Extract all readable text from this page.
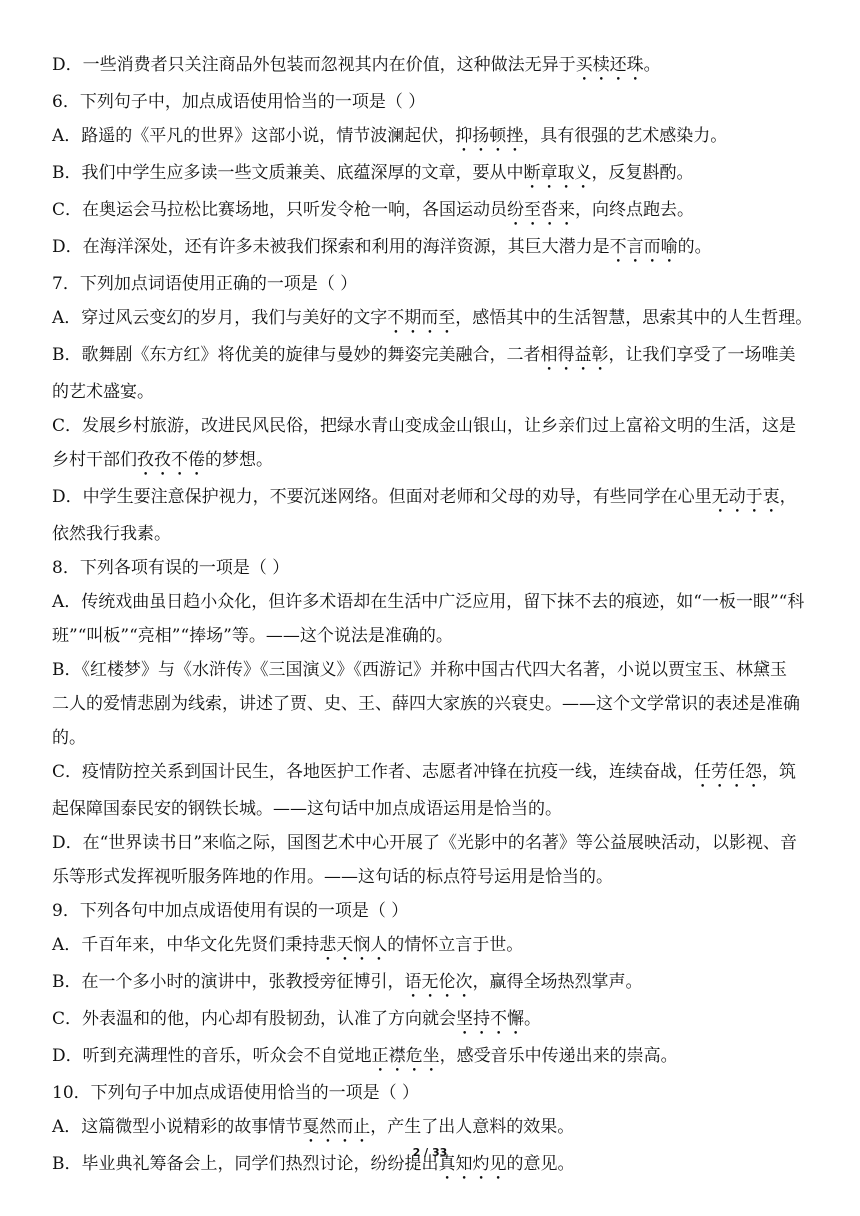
D．一些消费者只关注商品外包装而忽视其内在价值，这种做法无异于买椟还珠。
6．下列句子中，加点成语使用恰当的一项是（ ）
A．路遥的《平凡的世界》这部小说，情节波澜起伏，抑扬顿挫，具有很强的艺术感染力。
B．我们中学生应多读一些文质兼美、底蕴深厚的文章，要从中断章取义，反复斟酌。
C．在奥运会马拉松比赛场地，只听发令枪一响，各国运动员纷至沓来，向终点跑去。
D．在海洋深处，还有许多未被我们探索和利用的海洋资源，其巨大潜力是不言而喻的。
7．下列加点词语使用正确的一项是（ ）
A．穿过风云变幻的岁月，我们与美好的文字不期而至，感悟其中的生活智慧，思索其中的人生哲理。
B．歌舞剧《东方红》将优美的旋律与曼妙的舞姿完美融合，二者相得益彰，让我们享受了一场唯美
的艺术盛宴。
C．发展乡村旅游，改进民风民俗，把绿水青山变成金山银山，让乡亲们过上富裕文明的生活，这是
乡村干部们孜孜不倦的梦想。
D．中学生要注意保护视力，不要沉迷网络。但面对老师和父母的劝导，有些同学在心里无动于衷，
依然我行我素。
8．下列各项有误的一项是（ ）
A．传统戏曲虽日趋小众化，但许多术语却在生活中广泛应用，留下抹不去的痕迹，如“一板一眼”“科
班”“叫板”“亮相”“捧场”等。——这个说法是准确的。
B．《红楼梦》与《水浒传》《三国演义》《西游记》并称中国古代四大名著，小说以贾宝玉、林黛玉
二人的爱情悲剧为线索，讲述了贾、史、王、薛四大家族的兴衰史。——这个文学常识的表述是准确
的。
C．疫情防控关系到国计民生，各地医护工作者、志愿者冲锋在抗疫一线，连续奋战，任劳任怨，筑
起保障国泰民安的钢铁长城。——这句话中加点成语运用是恰当的。
D．在“世界读书日”来临之际，国图艺术中心开展了《光影中的名著》等公益展映活动，以影视、音
乐等形式发挥视听服务阵地的作用。——这句话的标点符号运用是恰当的。
9．下列各句中加点成语使用有误的一项是（ ）
A．千百年来，中华文化先贤们秉持悲天悯人的情怀立言于世。
B．在一个多小时的演讲中，张教授旁征博引，语无伦次，赢得全场热烈掌声。
C．外表温和的他，内心却有股韧劲，认准了方向就会坚持不懈。
D．听到充满理性的音乐，听众会不自觉地正襟危坐，感受音乐中传递出来的崇高。
10．下列句子中加点成语使用恰当的一项是（ ）
A．这篇微型小说精彩的故事情节戛然而止，产生了出人意料的效果。
B．毕业典礼筹备会上，同学们热烈讨论，纷纷提出真知灼见的意见。
2 / 33
